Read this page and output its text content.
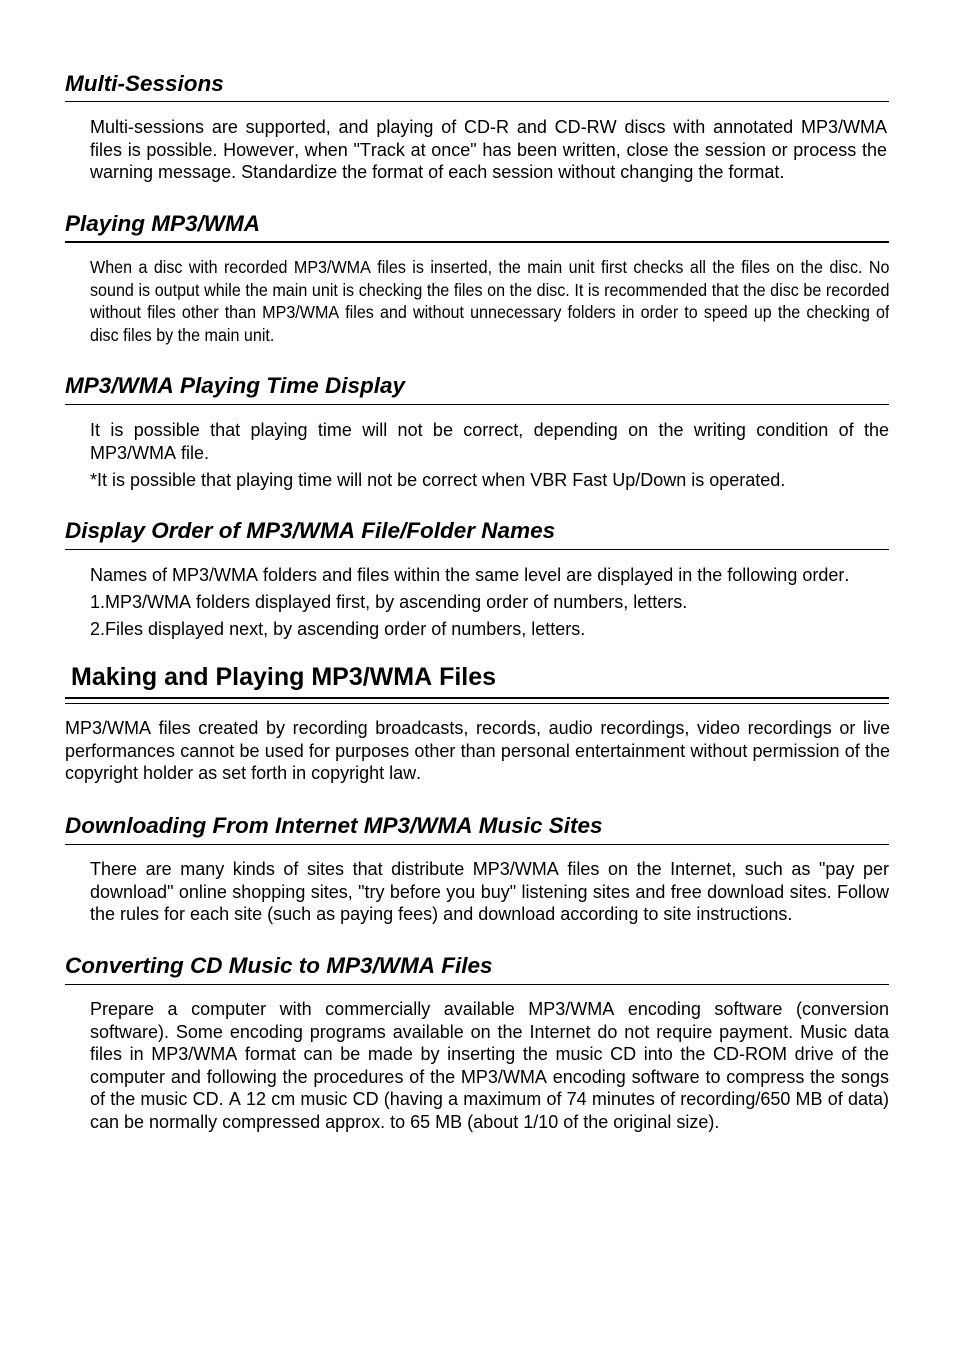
Multi-Sessions

Multi-sessions are supported, and playing of CD-R and CD-RW discs with annotated MP3/WMA files is possible. However, when "Track at once" has been written, close the session or process the warning message. Standardize the format of each session without changing the format.

Playing MP3/WMA

When a disc with recorded MP3/WMA files is inserted, the main unit first checks all the files on the disc. No sound is output while the main unit is checking the files on the disc. It is recommended that the disc be recorded without files other than MP3/WMA files and without unnecessary folders in order to speed up the checking of disc files by the main unit.

MP3/WMA Playing Time Display

It is possible that playing time will not be correct, depending on the writing condition of the MP3/WMA file.

*It is possible that playing time will not be correct when VBR Fast Up/Down is operated.

Display Order of MP3/WMA File/Folder Names

Names of MP3/WMA folders and files within the same level are displayed in the following order.

1.MP3/WMA folders displayed first, by ascending order of numbers, letters.

2.Files displayed next, by ascending order of numbers, letters.

Making and Playing MP3/WMA Files

MP3/WMA files created by recording broadcasts, records, audio recordings, video recordings or live performances cannot be used for purposes other than personal entertainment without permission of the copyright holder as set forth in copyright law.

Downloading From Internet MP3/WMA Music Sites

There are many kinds of sites that distribute MP3/WMA files on the Internet, such as "pay per download" online shopping sites, "try before you buy" listening sites and free download sites. Follow the rules for each site (such as paying fees) and download according to site instructions.

Converting CD Music to MP3/WMA Files

Prepare a computer with commercially available MP3/WMA encoding software (conversion software). Some encoding programs available on the Internet do not require payment. Music data files in MP3/WMA format can be made by inserting the music CD into the CD-ROM drive of the computer and following the procedures of the MP3/WMA encoding software to compress the songs of the music CD. A 12 cm music CD (having a maximum of 74 minutes of recording/650 MB of data) can be normally compressed approx. to 65 MB (about 1/10 of the original size).
